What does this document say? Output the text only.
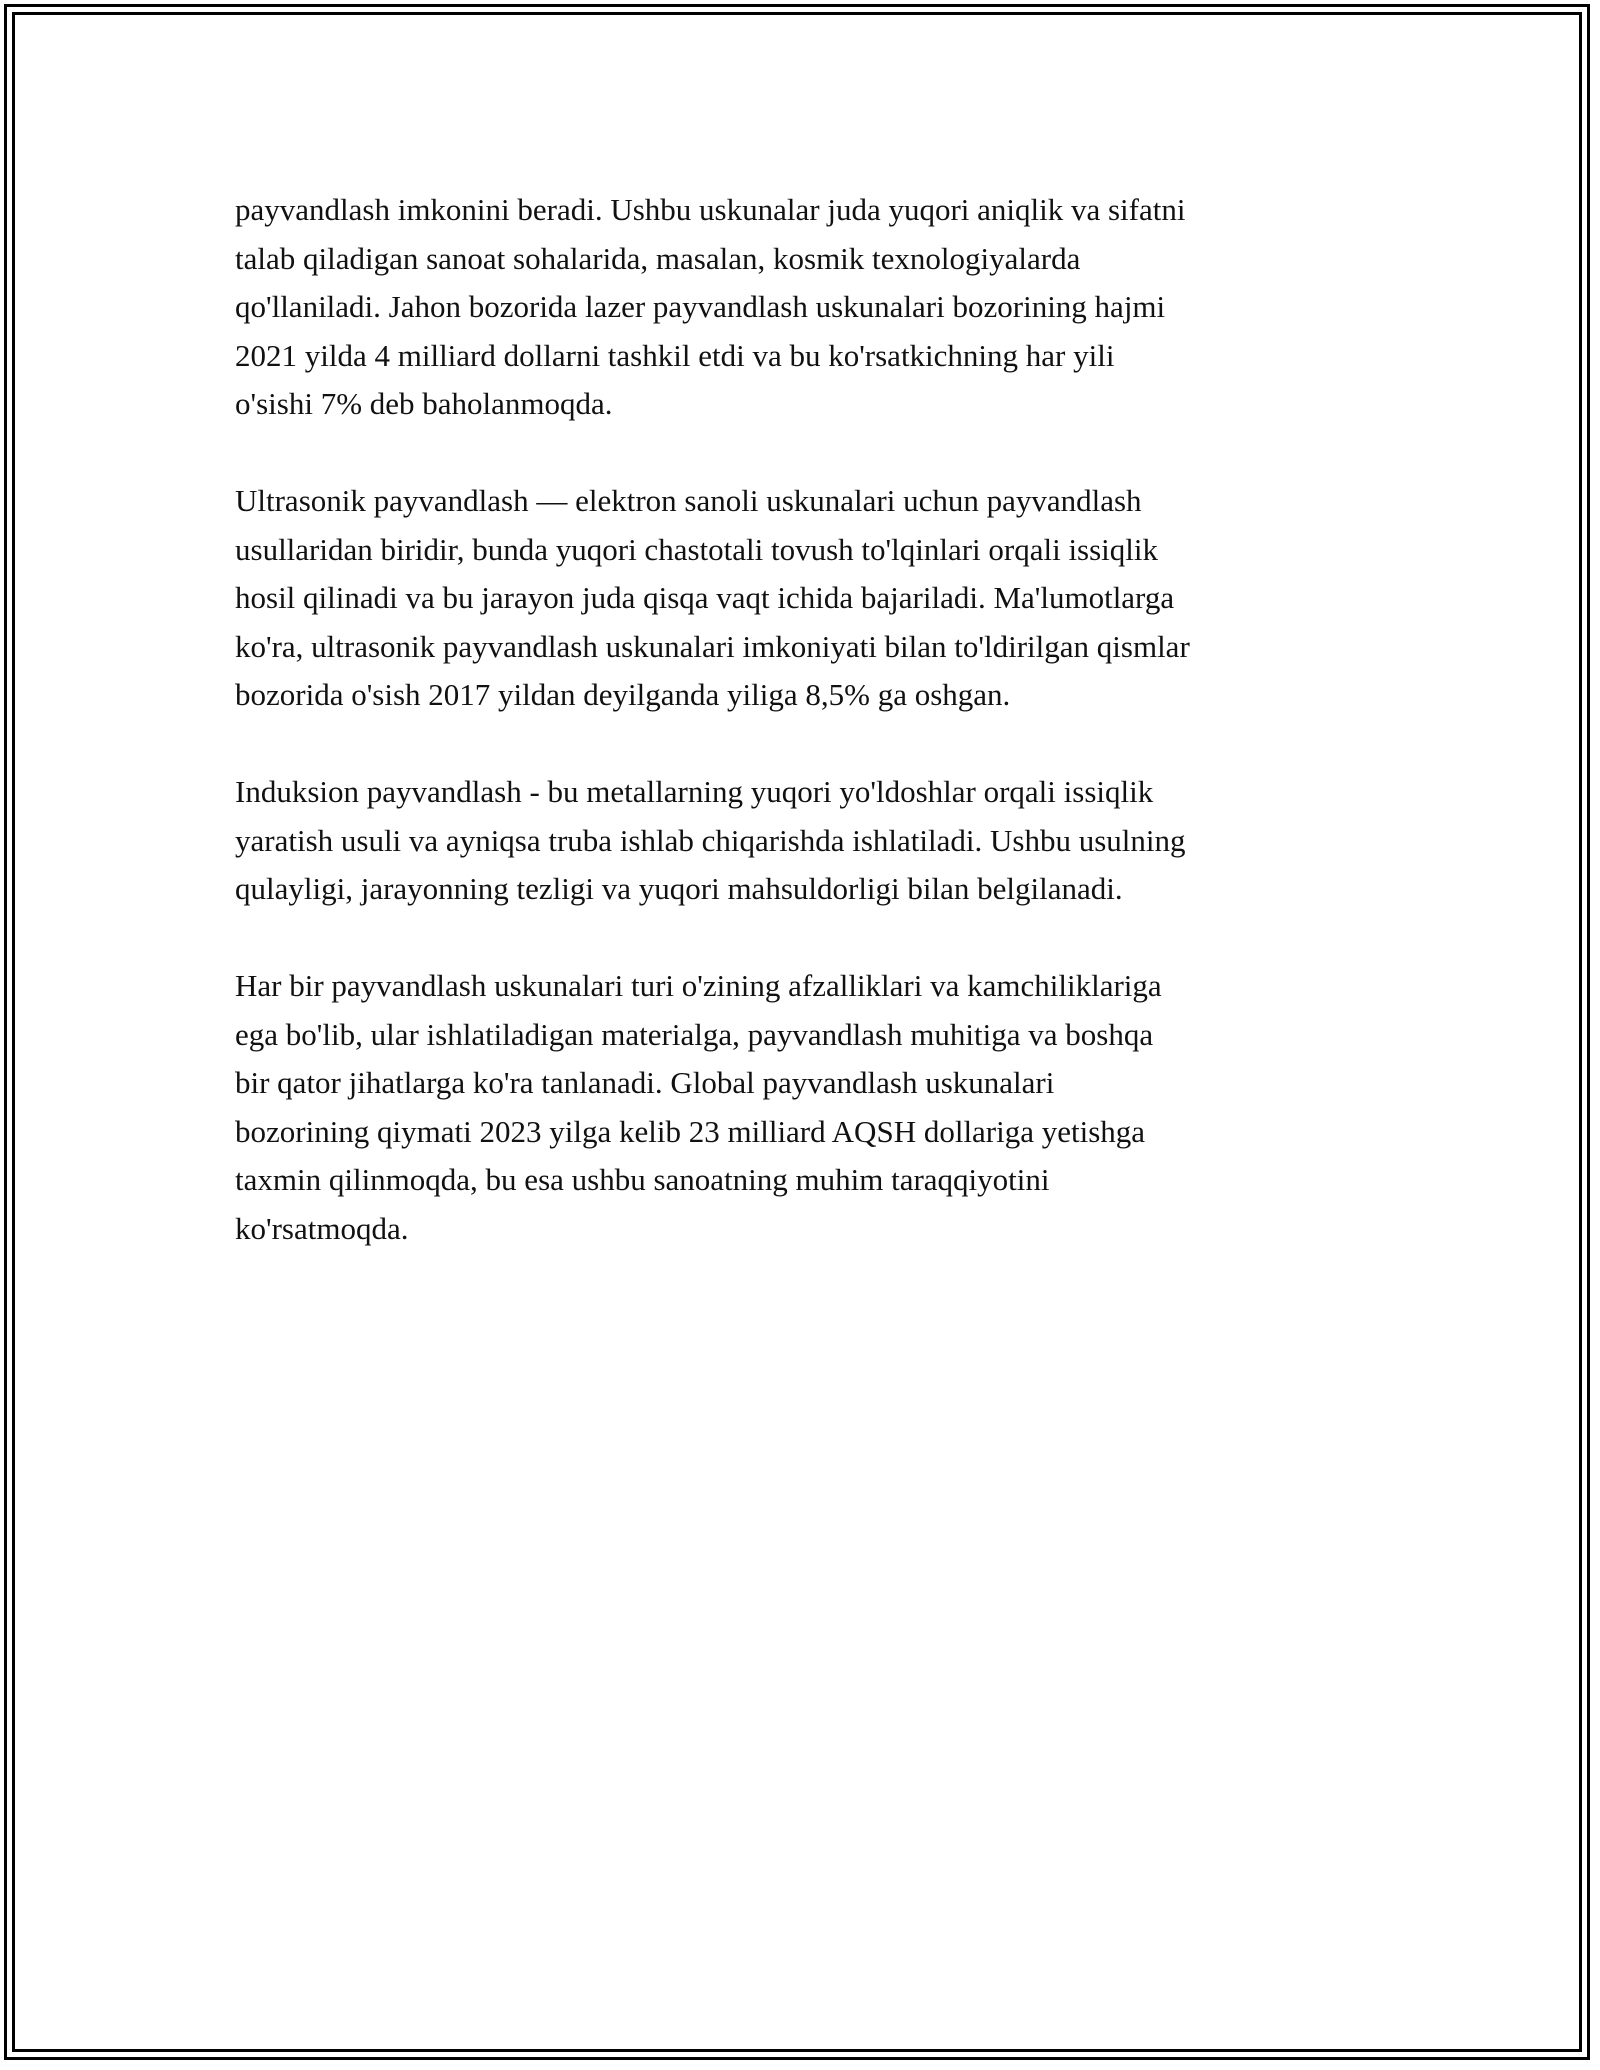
payvandlash imkonini beradi. Ushbu uskunalar juda yuqori aniqlik va sifatni
talab qiladigan sanoat sohalarida, masalan, kosmik texnologiyalarda
qo'llaniladi. Jahon bozorida lazer payvandlash uskunalari bozorining hajmi
2021 yilda 4 milliard dollarni tashkil etdi va bu ko'rsatkichning har yili
o'sishi 7% deb baholanmoqda.

Ultrasonik payvandlash — elektron sanoli uskunalari uchun payvandlash
usullaridan biridir, bunda yuqori chastotali tovush to'lqinlari orqali issiqlik
hosil qilinadi va bu jarayon juda qisqa vaqt ichida bajariladi. Ma'lumotlarga
ko'ra, ultrasonik payvandlash uskunalari imkoniyati bilan to'ldirilgan qismlar
bozorida o'sish 2017 yildan deyilganda yiliga 8,5% ga oshgan.

Induksion payvandlash - bu metallarning yuqori yo'ldoshlar orqali issiqlik
yaratish usuli va ayniqsa truba ishlab chiqarishda ishlatiladi. Ushbu usulning
qulayligi, jarayonning tezligi va yuqori mahsuldorligi bilan belgilanadi.

Har bir payvandlash uskunalari turi o'zining afzalliklari va kamchiliklariga
ega bo'lib, ular ishlatiladigan materialga, payvandlash muhitiga va boshqa
bir qator jihatlarga ko'ra tanlanadi. Global payvandlash uskunalari
bozorining qiymati 2023 yilga kelib 23 milliard AQSH dollariga yetishga
taxmin qilinmoqda, bu esa ushbu sanoatning muhim taraqqiyotini
ko'rsatmoqda.
